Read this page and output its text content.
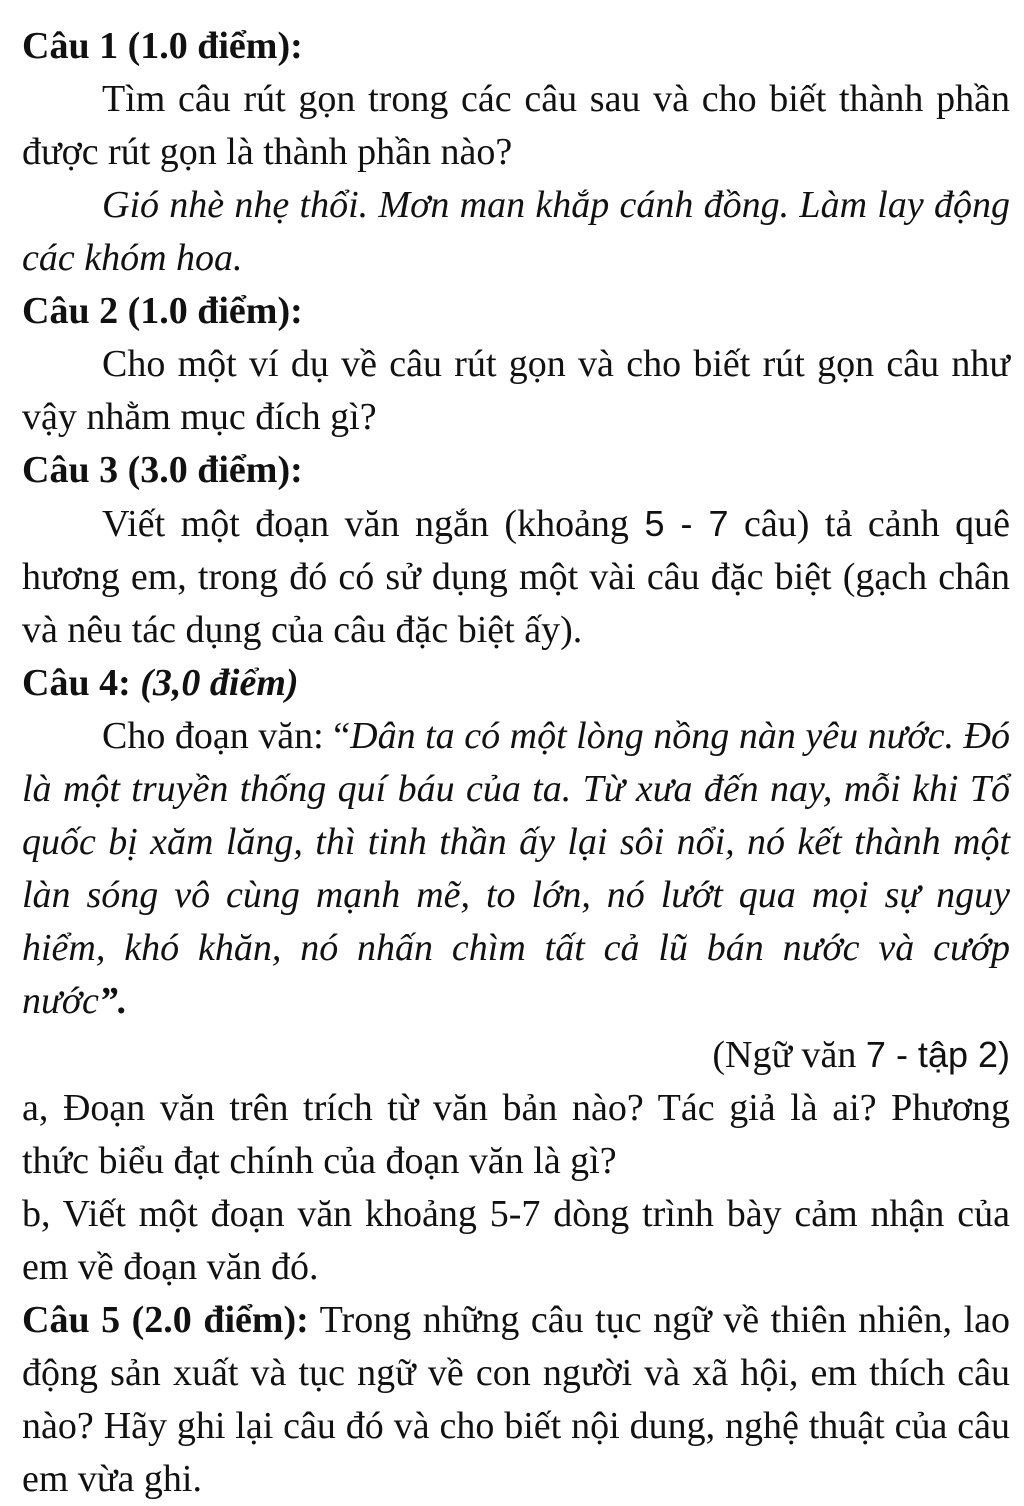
Câu 1 (1.0 điểm):

Tìm câu rút gọn trong các câu sau và cho biết thành phần được rút gọn là thành phần nào?

Gió nhè nhẹ thổi. Mơn man khắp cánh đồng. Làm lay động các khóm hoa.

Câu 2 (1.0 điểm):

Cho một ví dụ về câu rút gọn và cho biết rút gọn câu như vậy nhằm mục đích gì?

Câu 3 (3.0 điểm):

Viết một đoạn văn ngắn (khoảng 5 - 7 câu) tả cảnh quê hương em, trong đó có sử dụng một vài câu đặc biệt (gạch chân và nêu tác dụng của câu đặc biệt ấy).

Câu 4: (3,0 điểm)

Cho đoạn văn: “Dân ta có một lòng nồng nàn yêu nước. Đó là một truyền thống quí báu của ta. Từ xưa đến nay, mỗi khi Tổ quốc bị xăm lăng, thì tinh thần ấy lại sôi nổi, nó kết thành một làn sóng vô cùng mạnh mẽ, to lớn, nó lướt qua mọi sự nguy hiểm, khó khăn, nó nhấn chìm tất cả lũ bán nước và cướp nước”.

(Ngữ văn 7 - tập 2)

a, Đoạn văn trên trích từ văn bản nào? Tác giả là ai? Phương thức biểu đạt chính của đoạn văn là gì?

b, Viết một đoạn văn khoảng 5-7 dòng trình bày cảm nhận của em về đoạn văn đó.

Câu 5 (2.0 điểm): Trong những câu tục ngữ về thiên nhiên, lao động sản xuất và tục ngữ về con người và xã hội, em thích câu nào? Hãy ghi lại câu đó và cho biết nội dung, nghệ thuật của câu em vừa ghi.
